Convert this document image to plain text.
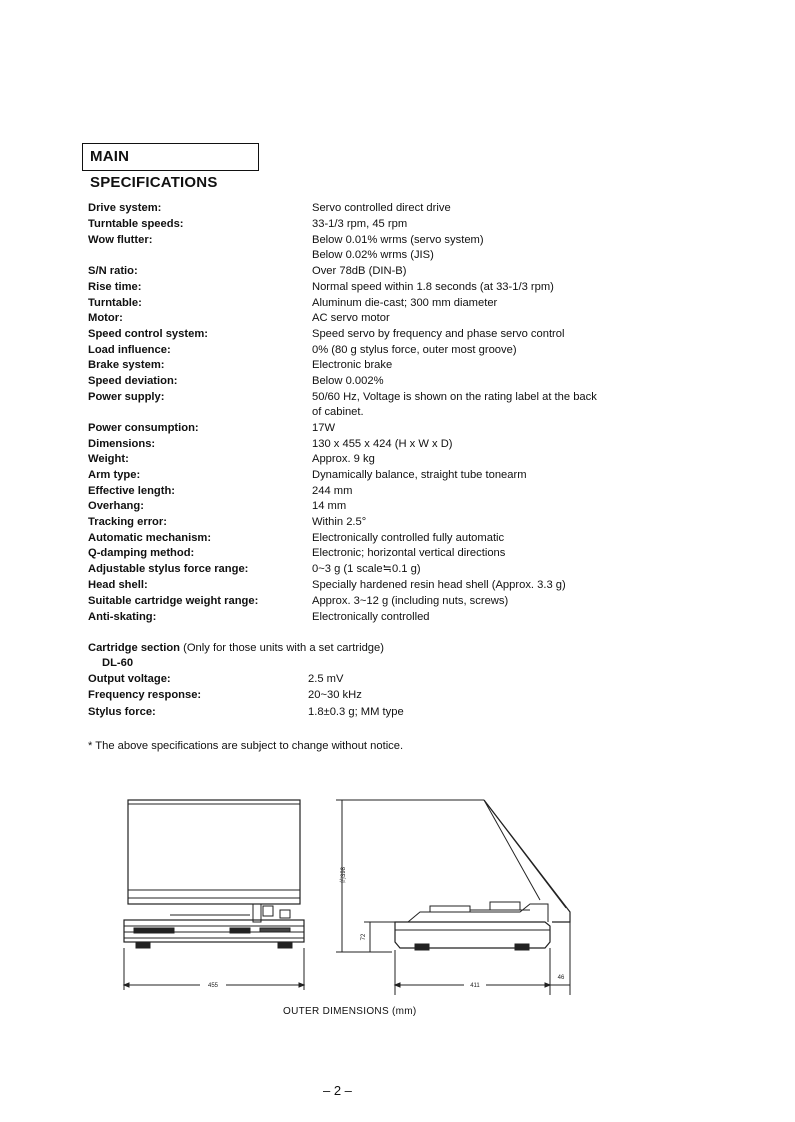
MAIN SPECIFICATIONS
Drive system:	Servo controlled direct drive
Turntable speeds:	33-1/3 rpm, 45 rpm
Wow flutter:	Below 0.01% wrms (servo system)
Below 0.02% wrms (JIS)
S/N ratio:	Over 78dB (DIN-B)
Rise time:	Normal speed within 1.8 seconds (at 33-1/3 rpm)
Turntable:	Aluminum die-cast; 300 mm diameter
Motor:	AC servo motor
Speed control system:	Speed servo by frequency and phase servo control
Load influence:	0% (80 g stylus force, outer most groove)
Brake system:	Electronic brake
Speed deviation:	Below 0.002%
Power supply:	50/60 Hz, Voltage is shown on the rating label at the back
of cabinet.
Power consumption:	17W
Dimensions:	130 x 455 x 424 (H x W x D)
Weight:	Approx. 9 kg
Arm type:	Dynamically balance, straight tube tonearm
Effective length:	244 mm
Overhang:	14 mm
Tracking error:	Within 2.5°
Automatic mechanism:	Electronically controlled fully automatic
Q-damping method:	Electronic; horizontal vertical directions
Adjustable stylus force range:	0~3 g (1 scale≒0.1 g)
Head shell:	Specially hardened resin head shell (Approx. 3.3 g)
Suitable cartridge weight range:	Approx. 3~12 g (including nuts, screws)
Anti-skating:	Electronically controlled
Cartridge section (Only for those units with a set cartridge)
DL-60
Output voltage:	2.5 mV
Frequency response:	20~30 kHz
Stylus force:	1.8±0.3 g; MM type
* The above specifications are subject to change without notice.
455	411
46
72
約398
OUTER DIMENSIONS (mm)
– 2 –
